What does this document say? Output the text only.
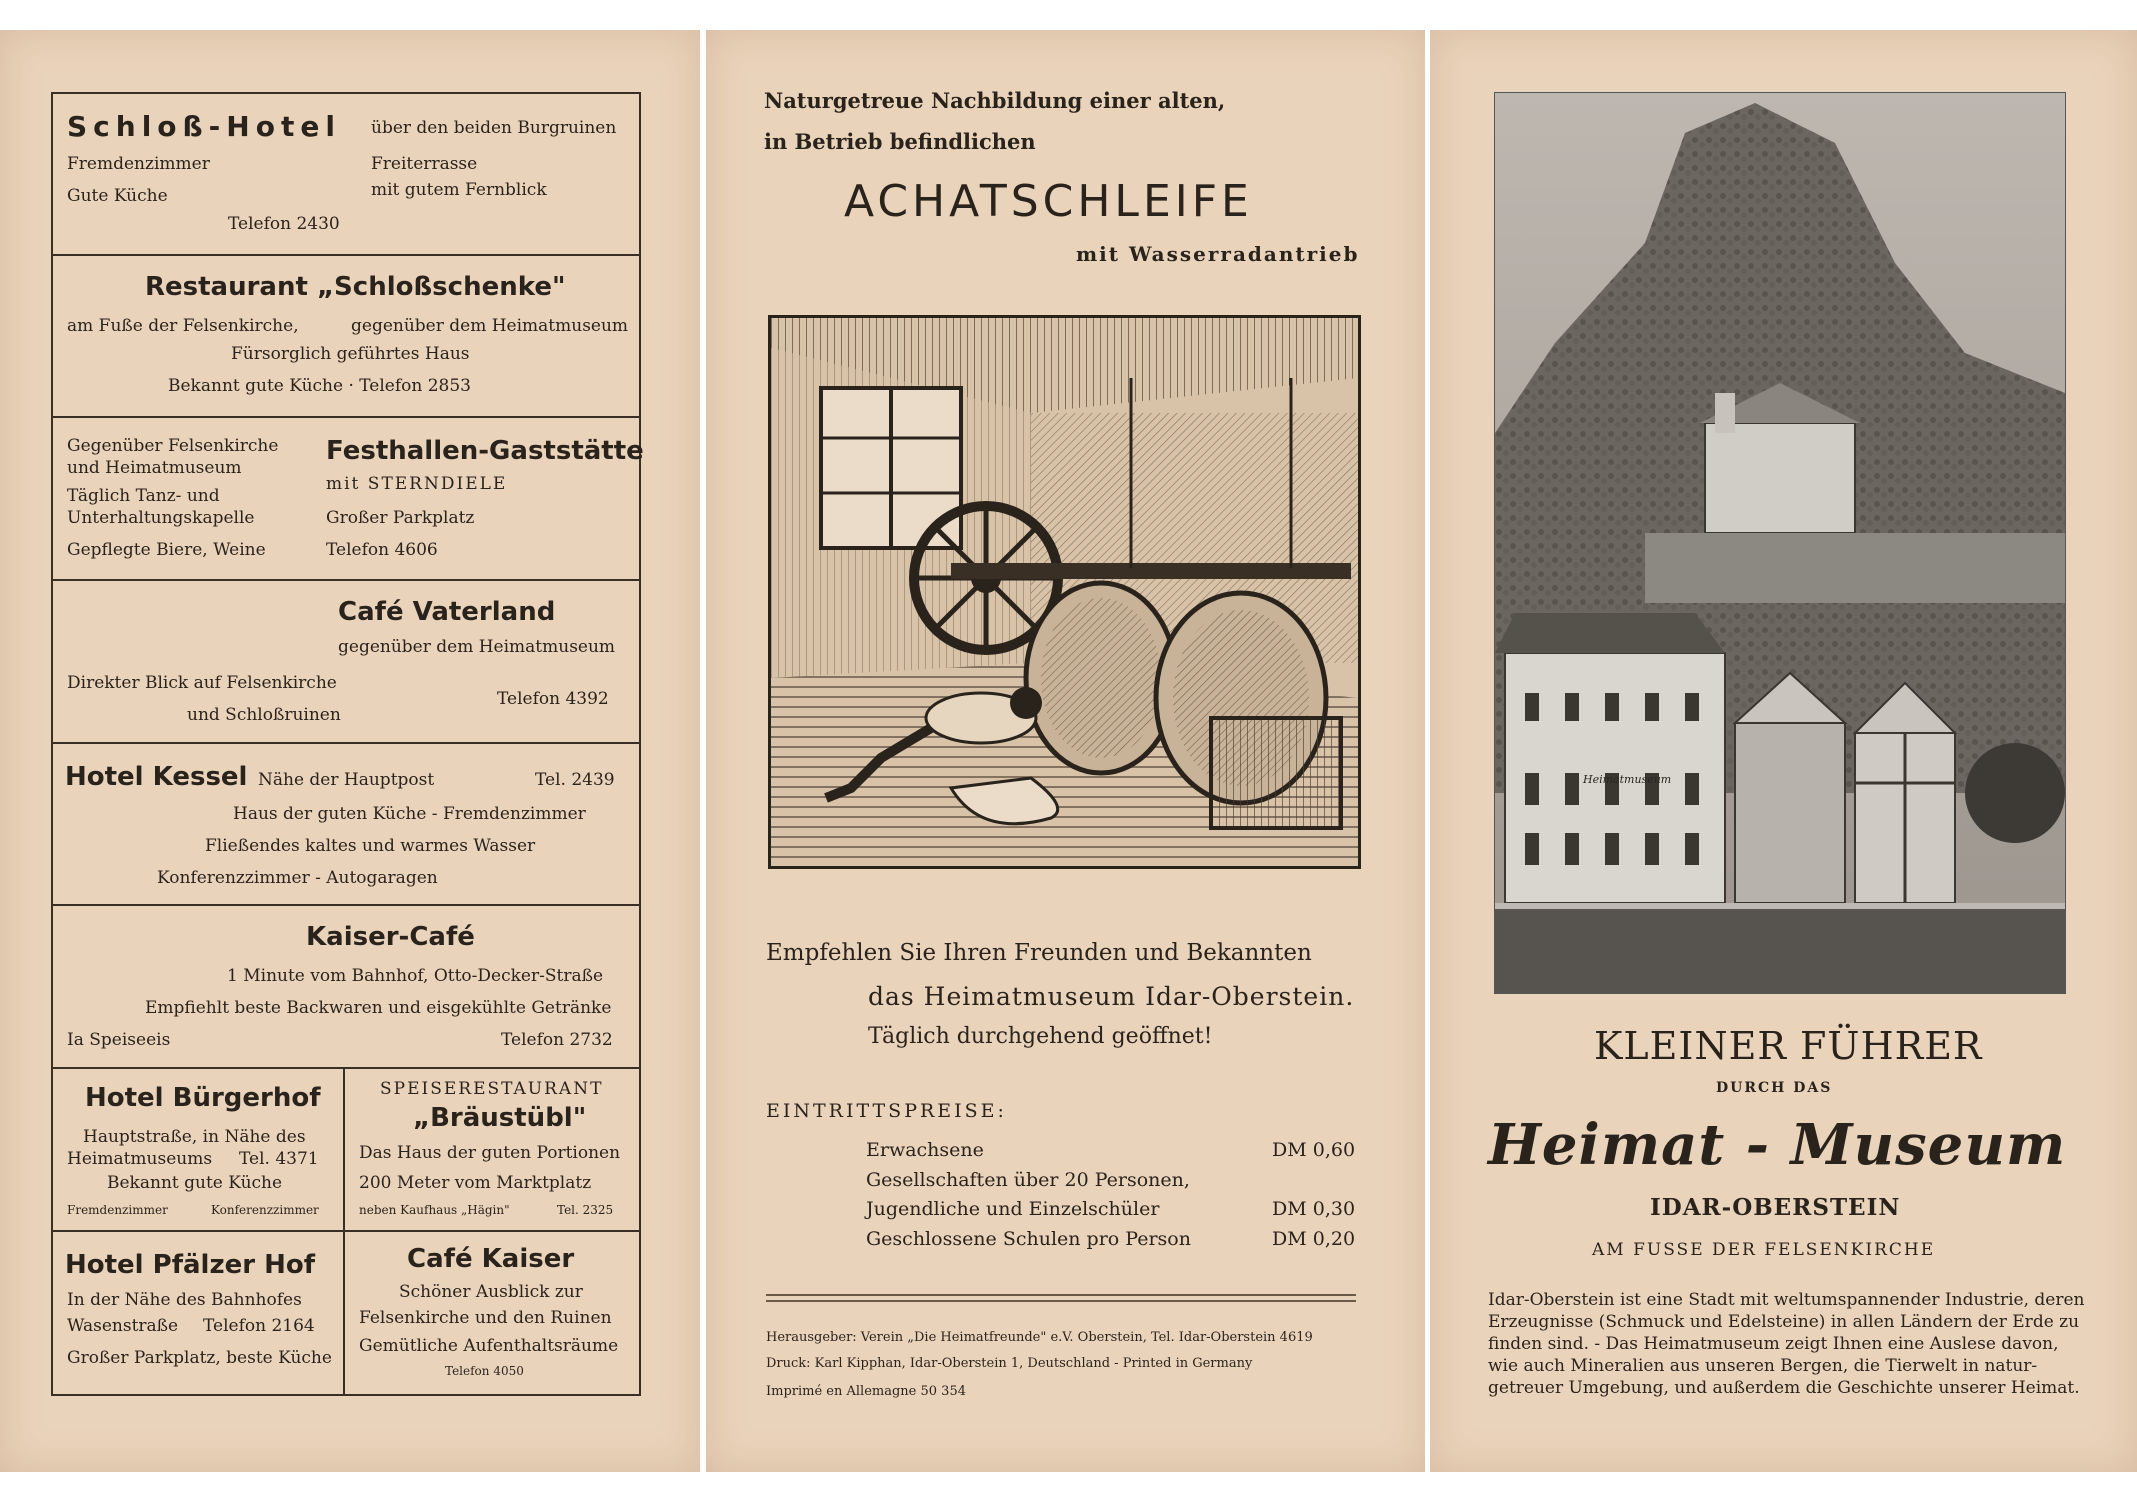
Schloß-Hotel über den beiden Burgruinen
Fremdenzimmer
Gute Küche
Freiterrasse
mit gutem Fernblick
Telefon 2430
Restaurant „Schloßschenke"
am Fuße der Felsenkirche,	gegenüber dem Heimatmuseum
Fürsorglich geführtes Haus
Bekannt gute Küche · Telefon 2853
Festhallen-Gaststätte
Gegenüber Felsenkirche
und Heimatmuseum
Täglich Tanz- und
Unterhaltungskapelle
Gepflegte Biere, Weine
mit STERNDIELE
Großer Parkplatz
Telefon 4606
Café Vaterland
gegenüber dem Heimatmuseum
Direkter Blick auf Felsenkirche
und Schloßruinen
Telefon 4392
Hotel Kessel Nähe der Hauptpost	Tel. 2439
Haus der guten Küche - Fremdenzimmer
Fließendes kaltes und warmes Wasser
Konferenzzimmer - Autogaragen
Kaiser-Café
1 Minute vom Bahnhof, Otto-Decker-Straße
Empfiehlt beste Backwaren und eisgekühlte Getränke
Ia Speiseeis	Telefon 2732
Hotel Bürgerhof
Hauptstraße, in Nähe des
Heimatmuseums Tel. 4371
Bekannt gute Küche
Fremdenzimmer	Konferenzzimmer
SPEISERESTAURANT
„Bräustübl"
Das Haus der guten Portionen
200 Meter vom Marktplatz
neben Kaufhaus „Hägin"	Tel. 2325
Hotel Pfälzer Hof
In der Nähe des Bahnhofes
Wasenstraße Telefon 2164
Großer Parkplatz, beste Küche
Café Kaiser
Schöner Ausblick zur
Felsenkirche und den Ruinen
Gemütliche Aufenthaltsräume
Telefon 4050
Naturgetreue Nachbildung einer alten,
in Betrieb befindlichen
ACHATSCHLEIFE
mit Wasserradantrieb
Empfehlen Sie Ihren Freunden und Bekannten
das Heimatmuseum Idar-Oberstein.
Täglich durchgehend geöffnet!
EINTRITTSPREISE:
Erwachsene	DM 0,60
Gesellschaften über 20 Personen,
Jugendliche und Einzelschüler	DM 0,30
Geschlossene Schulen pro Person	DM 0,20
Herausgeber: Verein „Die Heimatfreunde" e.V. Oberstein, Tel. Idar-Oberstein 4619
Druck: Karl Kipphan, Idar-Oberstein 1, Deutschland - Printed in Germany
Imprimé en Allemagne 50 354
Heimatmuseum
KLEINER FÜHRER
DURCH DAS
Heimat - Museum
IDAR-OBERSTEIN
AM FUSSE DER FELSENKIRCHE
Idar-Oberstein ist eine Stadt mit weltumspannender Industrie, deren
Erzeugnisse (Schmuck und Edelsteine) in allen Ländern der Erde zu
finden sind. - Das Heimatmuseum zeigt Ihnen eine Auslese davon,
wie auch Mineralien aus unseren Bergen, die Tierwelt in natur-
getreuer Umgebung, und außerdem die Geschichte unserer Heimat.
